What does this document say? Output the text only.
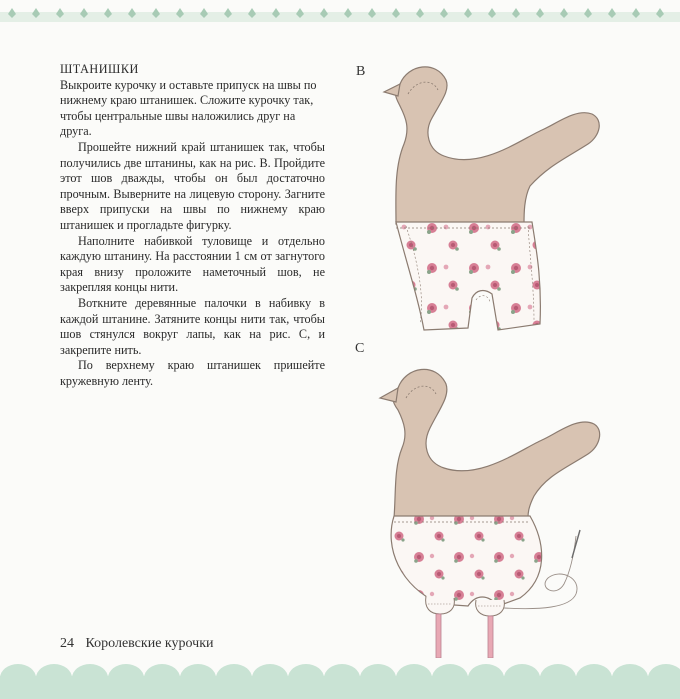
ШТАНИШКИ

Выкроите курочку и оставьте припуск на швы по нижнему краю штанишек. Сложите курочку так, чтобы центральные швы наложились друг на друга.

Прошейте нижний край штанишек так, чтобы получились две штанины, как на рис. B. Пройдите этот шов дважды, чтобы он был достаточно прочным. Выверните на лицевую сторону. Загните вверх припуски на швы по нижнему краю штанишек и прогладьте фигурку.

Наполните набивкой туловище и отдельно каждую штанину. На расстоянии 1 см от загнутого края внизу проложите наметочный шов, не закрепляя концы нити.

Воткните деревянные палочки в набивку в каждой штанине. Затяните концы нити так, чтобы шов стянулся вокруг лапы, как на рис. C, и закрепите нить.

По верхнему краю штанишек пришейте кружевную ленту.

B
C
24 Королевские курочки
